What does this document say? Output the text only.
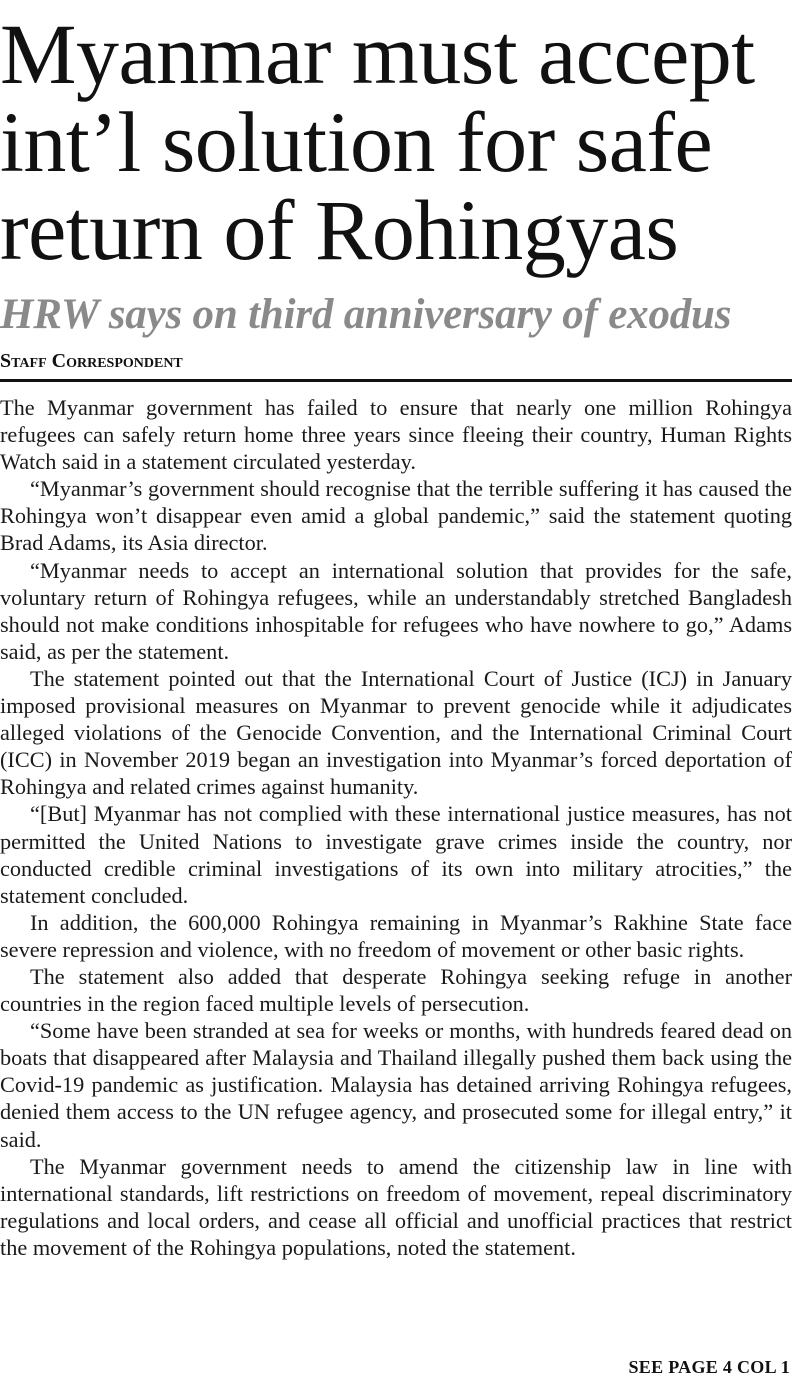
Myanmar must accept
int’l solution for safe
return of Rohingyas
HRW says on third anniversary of exodus
Staff Correspondent

The Myanmar government has failed to ensure that nearly one million Rohingya refugees can safely return home three years since fleeing their country, Human Rights Watch said in a statement circulated yesterday.

“Myanmar’s government should recognise that the terrible suffering it has caused the Rohingya won’t disappear even amid a global pandemic,” said the statement quoting Brad Adams, its Asia director.

“Myanmar needs to accept an international solution that provides for the safe, voluntary return of Rohingya refugees, while an understandably stretched Bangladesh should not make conditions inhospitable for refugees who have nowhere to go,” Adams said, as per the statement.

The statement pointed out that the International Court of Justice (ICJ) in January imposed provisional measures on Myanmar to prevent genocide while it adjudicates alleged violations of the Genocide Convention, and the International Criminal Court (ICC) in November 2019 began an investigation into Myanmar’s forced deportation of Rohingya and related crimes against humanity.

“[But] Myanmar has not complied with these international justice measures, has not permitted the United Nations to investigate grave crimes inside the country, nor conducted credible criminal investigations of its own into military atrocities,” the statement concluded.

In addition, the 600,000 Rohingya remaining in Myanmar’s Rakhine State face severe repression and violence, with no freedom of movement or other basic rights.

The statement also added that desperate Rohingya seeking refuge in another countries in the region faced multiple levels of persecution.

“Some have been stranded at sea for weeks or months, with hundreds feared dead on boats that disappeared after Malaysia and Thailand illegally pushed them back using the Covid-19 pandemic as justification. Malaysia has detained arriving Rohingya refugees, denied them access to the UN refugee agency, and prosecuted some for illegal entry,” it said.

The Myanmar government needs to amend the citizenship law in line with international standards, lift restrictions on freedom of movement, repeal discriminatory regulations and local orders, and cease all official and unofficial practices that restrict the movement of the Rohingya populations, noted the statement.

SEE PAGE 4 COL 1
